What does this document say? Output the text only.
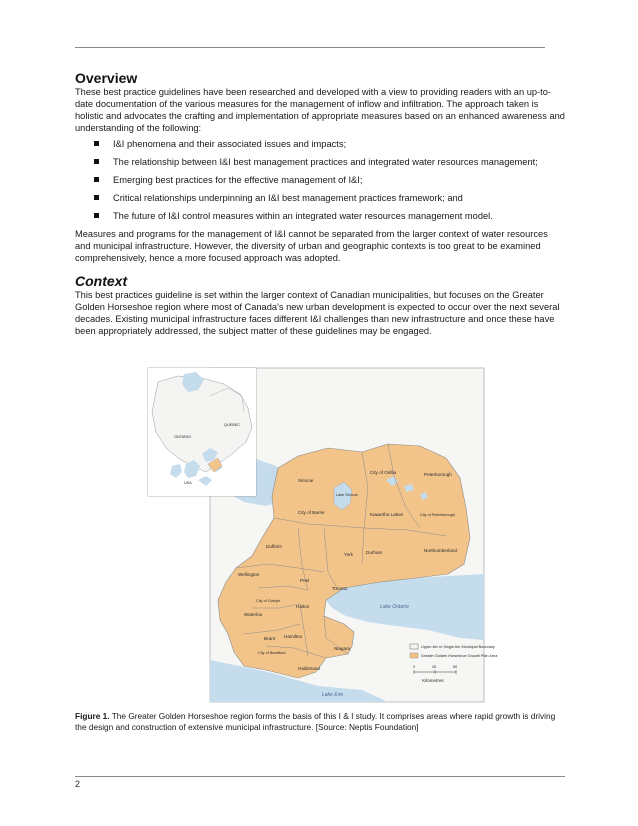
Overview

These best practice guidelines have been researched and developed with a view to providing readers with an up-to-date documentation of the various measures for the management of inflow and infiltration. The approach taken is holistic and advocates the crafting and implementation of appropriate measures based on an enhanced awareness and understanding of the following:

I&I phenomena and their associated issues and impacts;
The relationship between I&I best management practices and integrated water resources management;
Emerging best practices for the effective management of I&I;
Critical relationships underpinning an I&I best management practices framework; and
The future of I&I control measures within an integrated water resources management model.

Measures and programs for the management of I&I cannot be separated from the larger context of water resources and municipal infrastructure. However, the diversity of urban and geographic contexts is too great to be examined comprehensively, hence a more focused approach was adopted.

Context

This best practices guideline is set within the larger context of Canadian municipalities, but focuses on the Greater Golden Horseshoe region where most of Canada's new urban development is expected to occur over the next several decades. Existing municipal infrastructure faces different I&I challenges than new infrastructure and once these have been appropriately addressed, the subject matter of these guidelines may be engaged.

City of Orillia
Simcoe
City of Barrie	Kawartha Lakes
Peterborough
City of Peterborough
Dufferin
York	Durham	Northumberland
Wellington
Peel
Toronto
City of Guelph
Halton
Waterloo
Brant Hamilton
City of Brantford
Niagara
Haldimand
Lake Ontario
Lake Erie
Lake Simcoe
Upper-tier or Single-tier Municipal Boundary
Greater Golden Horseshoe Growth Plan Area
0	25	50
Kilometres
ONTARIO
QUEBEC
USA
Figure 1. The Greater Golden Horseshoe region forms the basis of this I & I study. It comprises areas where rapid growth is driving the design and construction of extensive municipal infrastructure. [Source: Neptis Foundation]
2
